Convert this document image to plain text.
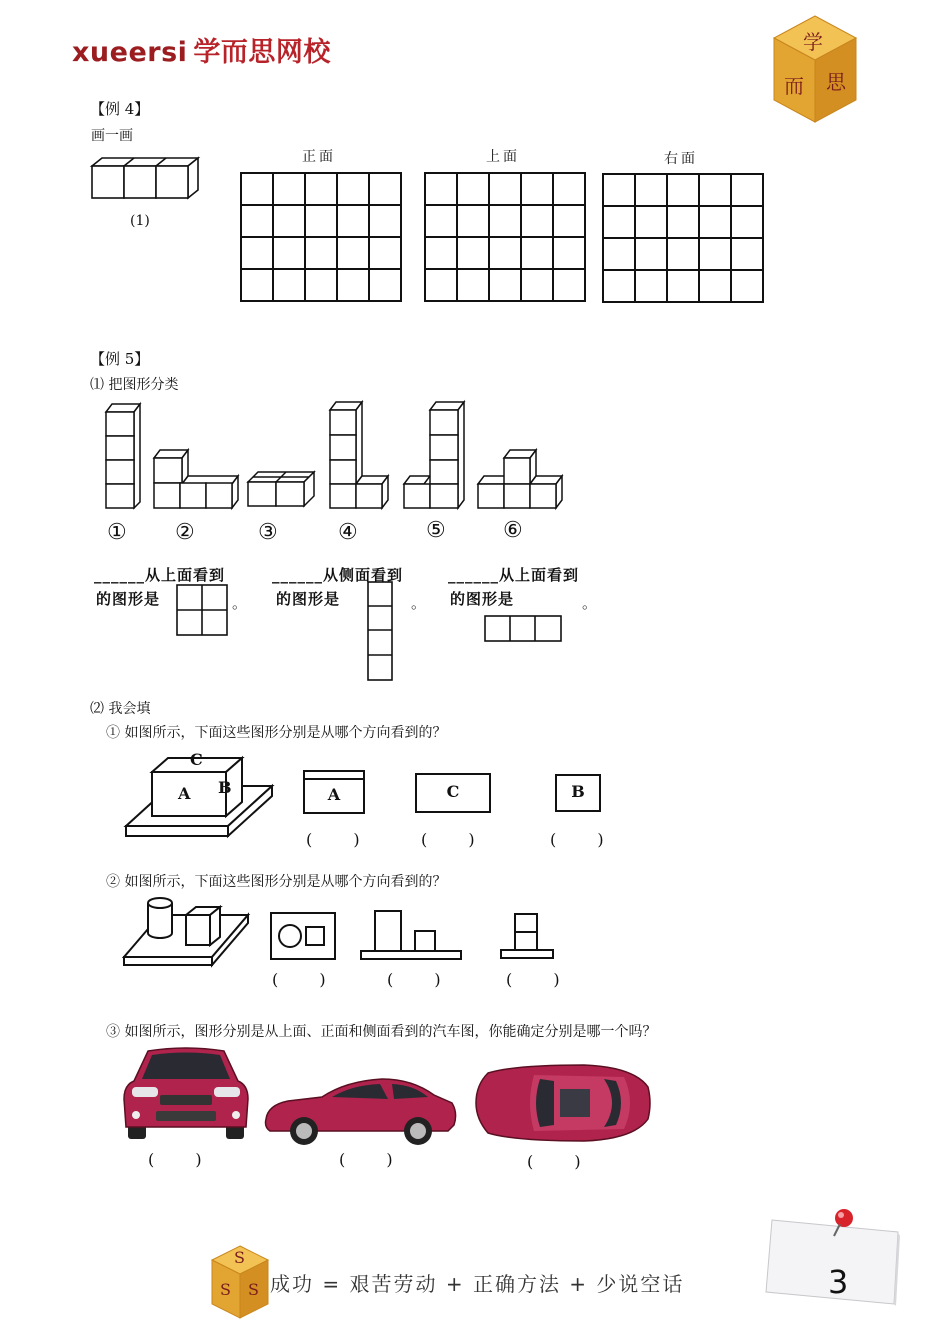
xueersi 学而思网校	学
而 思
【例 4】
画一画
(1)
正面	上面	右面

【例 5】
⑴ 把图形分类
① ②	③	④	⑤	⑥
______从上面看到
的图形是	。
______从侧面看到
的图形是	。
______从上面看到
的图形是	。
⑵ 我会填
① 如图所示，下面这些图形分别是从哪个方向看到的？
C
A B	A	C	B
( )	( )	( )
② 如图所示，下面这些图形分别是从哪个方向看到的？
( )	( )	( )
③ 如图所示，图形分别是从上面、正面和侧面看到的汽车图，你能确定分别是哪一个吗？
( )	( )	( )
S
S S 成功 = 艰苦劳动 + 正确方法 + 少说空话	3
